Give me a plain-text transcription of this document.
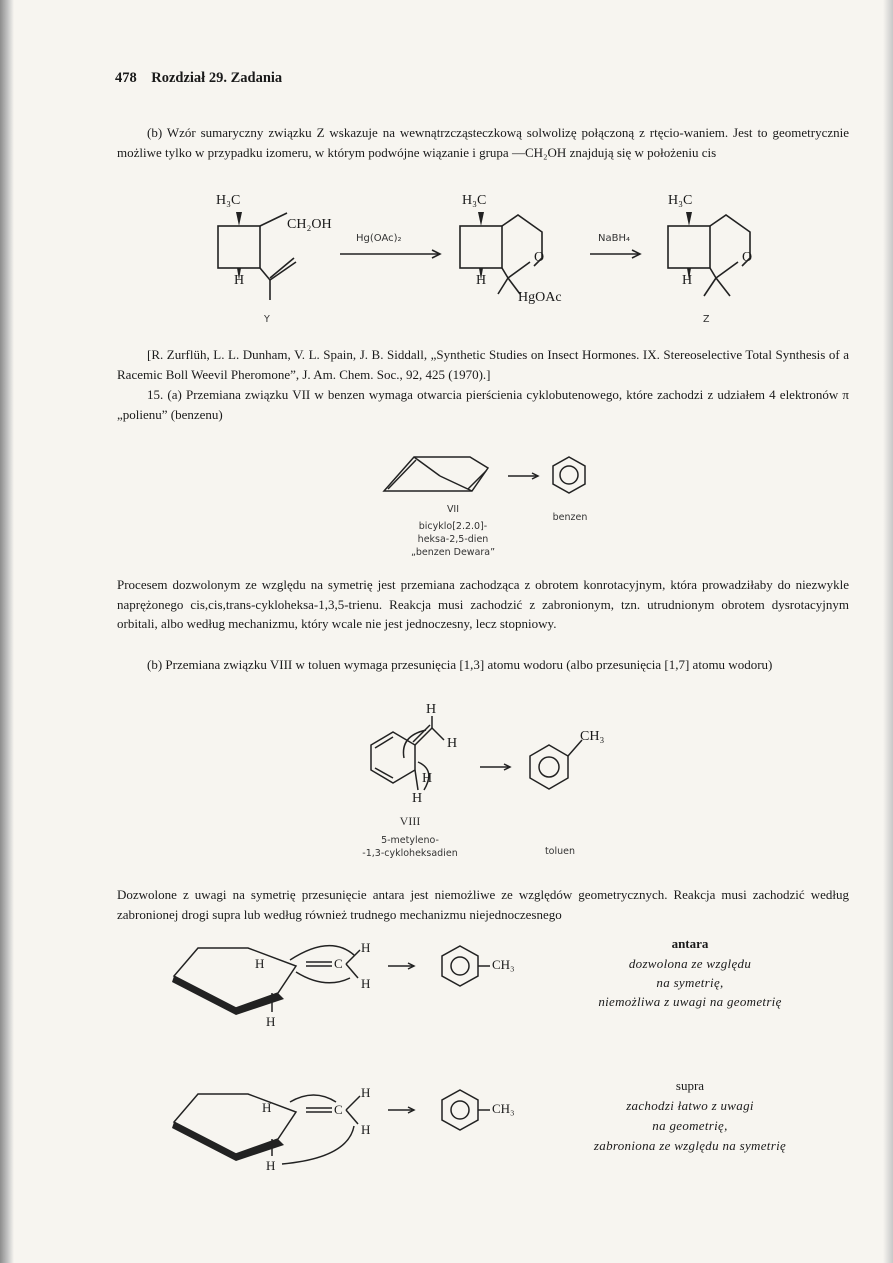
478 Rozdział 29. Zadania

(b) Wzór sumaryczny związku Z wskazuje na wewnątrzcząsteczkową solwolizę połączoną z rtęcio-waniem. Jest to geometrycznie możliwe tylko w przypadku izomeru, w którym podwójne wiązanie i grupa —CH₂OH znajdują się w położeniu cis

H₃C
CH₂OH
H
Y
Hg(OAc)₂
H₃C
O
H
HgOAc
NaBH₄
H₃C
O
H
Z

[R. Zurflüh, L. L. Dunham, V. L. Spain, J. B. Siddall, „Synthetic Studies on Insect Hormones. IX. Stereoselective Total Synthesis of a Racemic Boll Weevil Pheromone”, J. Am. Chem. Soc., 92, 425 (1970).]

15. (a) Przemiana związku VII w benzen wymaga otwarcia pierścienia cyklobutenowego, które zachodzi z udziałem 4 elektronów π „polienu” (benzenu)

VII
bicyklo[2.2.0]-
heksa-2,5-dien
„benzen Dewara”
benzen

Procesem dozwolonym ze względu na symetrię jest przemiana zachodząca z obrotem konrotacyjnym, która prowadziłaby do niezwykle naprężonego cis,cis,trans-cykloheksa-1,3,5-trienu. Reakcja musi zachodzić z zabronionym, tzn. utrudnionym obrotem dysrotacyjnym orbitali, albo według mechanizmu, który wcale nie jest jednoczesny, lecz stopniowy.

(b) Przemiana związku VIII w toluen wymaga przesunięcia [1,3] atomu wodoru (albo przesunięcia [1,7] atomu wodoru)

H
H
H
H
CH₃
VIII
5-metyleno-
-1,3-cykloheksadien	toluen

Dozwolone z uwagi na symetrię przesunięcie antara jest niemożliwe ze względów geometrycznych. Reakcja musi zachodzić według zabronionej drogi supra lub według również trudnego mechanizmu niejednoczesnego

H	C
H
H
H
CH₃
antara
dozwolona ze względu
na symetrię,
niemożliwa z uwagi na geometrię
H	C
H
H
H
CH₃
supra
zachodzi łatwo z uwagi
na geometrię,
zabroniona ze względu na symetrię
